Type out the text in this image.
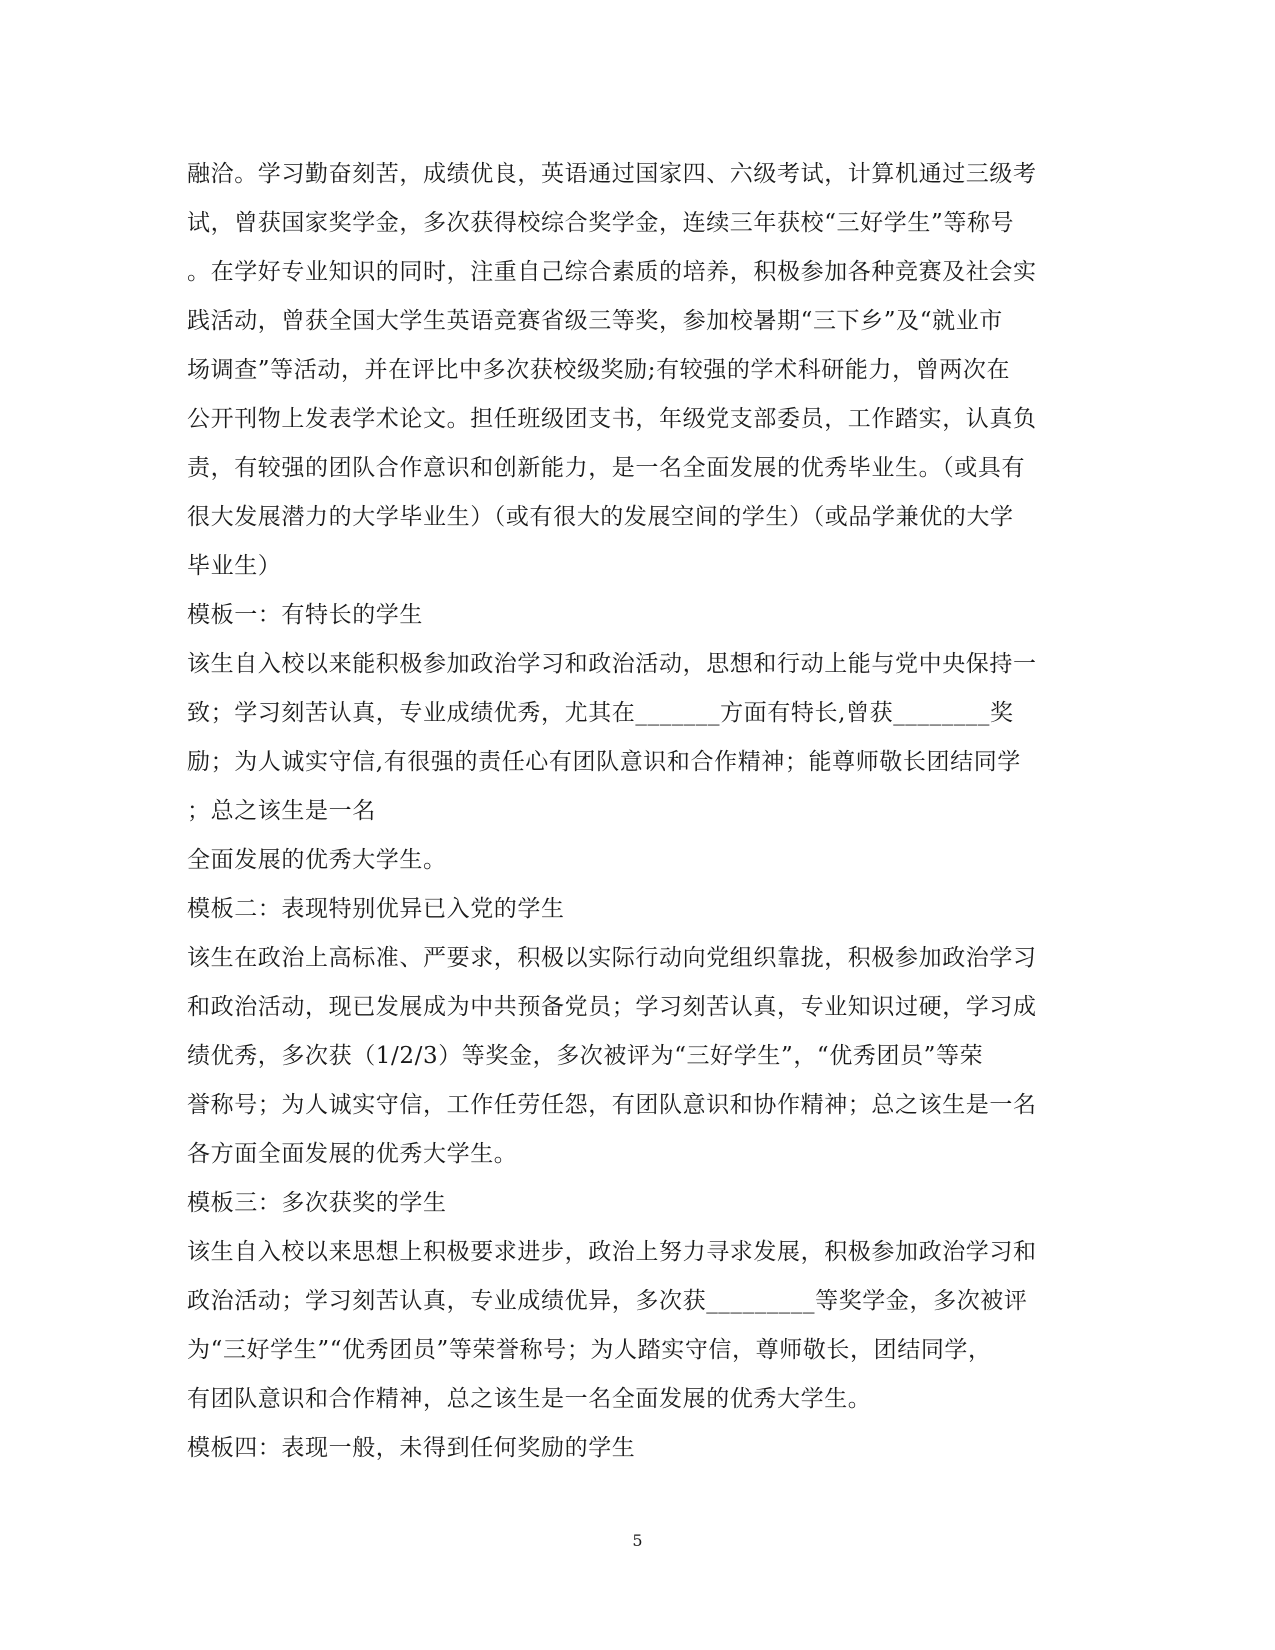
融洽。学习勤奋刻苦，成绩优良，英语通过国家四、六级考试，计算机通过三级考
试，曾获国家奖学金，多次获得校综合奖学金，连续三年获校“三好学生”等称号
。在学好专业知识的同时，注重自己综合素质的培养，积极参加各种竞赛及社会实
践活动，曾获全国大学生英语竞赛省级三等奖，参加校暑期“三下乡”及“就业市
场调查”等活动，并在评比中多次获校级奖励;有较强的学术科研能力，曾两次在
公开刊物上发表学术论文。担任班级团支书，年级党支部委员，工作踏实，认真负
责，有较强的团队合作意识和创新能力，是一名全面发展的优秀毕业生。（或具有
很大发展潜力的大学毕业生）（或有很大的发展空间的学生）（或品学兼优的大学
毕业生）
模板一：有特长的学生
该生自入校以来能积极参加政治学习和政治活动，思想和行动上能与党中央保持一
致；学习刻苦认真，专业成绩优秀，尤其在_______方面有特长,曾获________奖
励；为人诚实守信,有很强的责任心有团队意识和合作精神；能尊师敬长团结同学
；总之该生是一名
全面发展的优秀大学生。
模板二：表现特别优异已入党的学生
该生在政治上高标准、严要求，积极以实际行动向党组织靠拢，积极参加政治学习
和政治活动，现已发展成为中共预备党员；学习刻苦认真，专业知识过硬，学习成
绩优秀，多次获（1/2/3）等奖金，多次被评为“三好学生”，“优秀团员”等荣
誉称号；为人诚实守信，工作任劳任怨，有团队意识和协作精神；总之该生是一名
各方面全面发展的优秀大学生。
模板三：多次获奖的学生
该生自入校以来思想上积极要求进步，政治上努力寻求发展，积极参加政治学习和
政治活动；学习刻苦认真，专业成绩优异，多次获_________等奖学金，多次被评
为“三好学生”“优秀团员”等荣誉称号；为人踏实守信，尊师敬长，团结同学，
有团队意识和合作精神，总之该生是一名全面发展的优秀大学生。
模板四：表现一般，未得到任何奖励的学生
5
